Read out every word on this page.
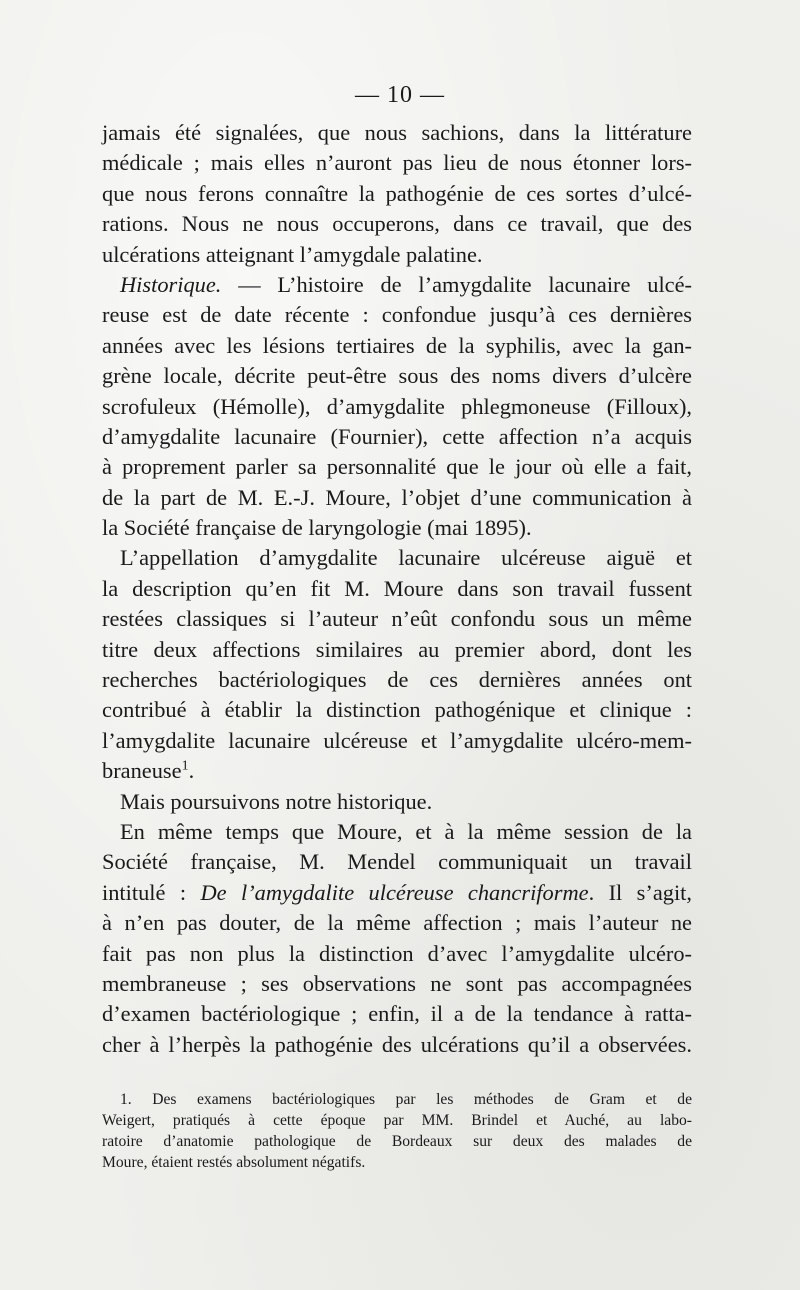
— 10 —
jamais été signalées, que nous sachions, dans la littérature
médicale ; mais elles n’auront pas lieu de nous étonner lors-
que nous ferons connaître la pathogénie de ces sortes d’ulcé-
rations. Nous ne nous occuperons, dans ce travail, que des
ulcérations atteignant l’amygdale palatine.
Historique. — L’histoire de l’amygdalite lacunaire ulcé-
reuse est de date récente : confondue jusqu’à ces dernières
années avec les lésions tertiaires de la syphilis, avec la gan-
grène locale, décrite peut-être sous des noms divers d’ulcère
scrofuleux (Hémolle), d’amygdalite phlegmoneuse (Filloux),
d’amygdalite lacunaire (Fournier), cette affection n’a acquis
à proprement parler sa personnalité que le jour où elle a fait,
de la part de M. E.-J. Moure, l’objet d’une communication à
la Société française de laryngologie (mai 1895).
L’appellation d’amygdalite lacunaire ulcéreuse aiguë et
la description qu’en fit M. Moure dans son travail fussent
restées classiques si l’auteur n’eût confondu sous un même
titre deux affections similaires au premier abord, dont les
recherches bactériologiques de ces dernières années ont
contribué à établir la distinction pathogénique et clinique :
l’amygdalite lacunaire ulcéreuse et l’amygdalite ulcéro-mem-
braneuse$^1$.
Mais poursuivons notre historique.
En même temps que Moure, et à la même session de la
Société française, M. Mendel communiquait un travail
intitulé : De l’amygdalite ulcéreuse chancriforme. Il s’agit,
à n’en pas douter, de la même affection ; mais l’auteur ne
fait pas non plus la distinction d’avec l’amygdalite ulcéro-
membraneuse ; ses observations ne sont pas accompagnées
d’examen bactériologique ; enfin, il a de la tendance à ratta-
cher à l’herpès la pathogénie des ulcérations qu’il a observées.
1. Des examens bactériologiques par les méthodes de Gram et de
Weigert, pratiqués à cette époque par MM. Brindel et Auché, au labo-
ratoire d’anatomie pathologique de Bordeaux sur deux des malades de
Moure, étaient restés absolument négatifs.
